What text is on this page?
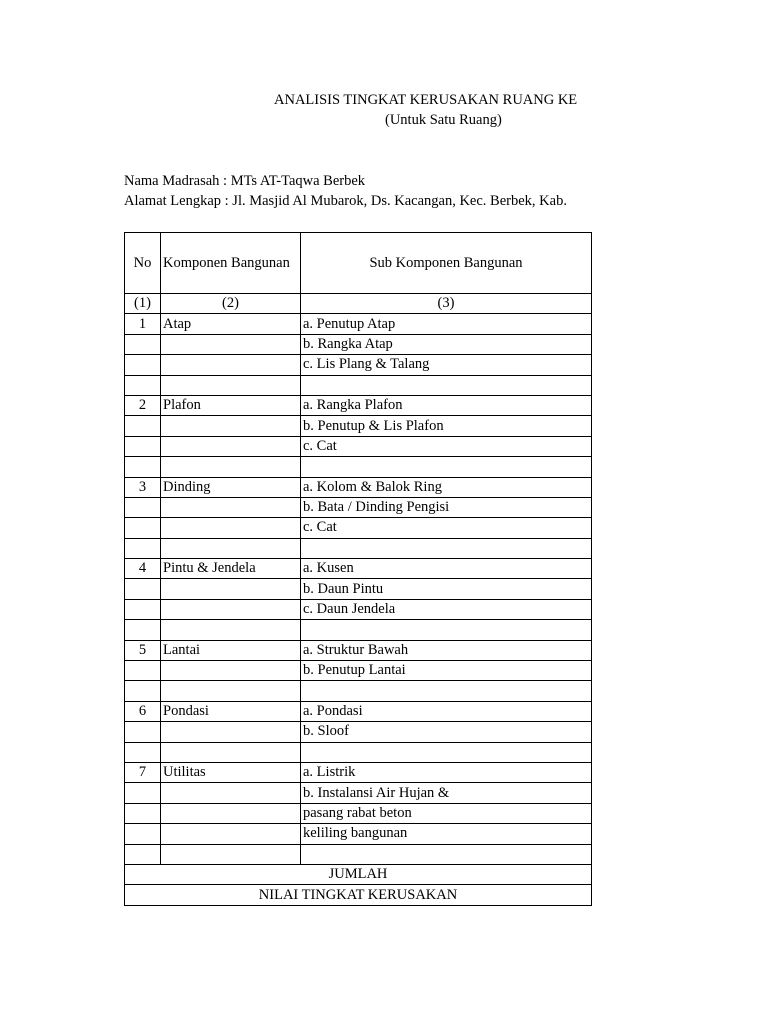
ANALISIS TINGKAT KERUSAKAN RUANG KE
(Untuk Satu Ruang)
Nama Madrasah : MTs AT-Taqwa Berbek
Alamat Lengkap : Jl. Masjid Al Mubarok, Ds. Kacangan, Kec. Berbek, Kab.
No	Komponen Bangunan	Sub Komponen Bangunan
(1)	(2)	(3)
1	Atap	a. Penutup Atap
		b. Rangka Atap
		c. Lis Plang & Talang

2	Plafon	a. Rangka Plafon
		b. Penutup & Lis Plafon
		c. Cat

3	Dinding	a. Kolom & Balok Ring
		b. Bata / Dinding Pengisi
		c. Cat

4	Pintu & Jendela	a. Kusen
		b. Daun Pintu
		c. Daun Jendela

5	Lantai	a. Struktur Bawah
		b. Penutup Lantai

6	Pondasi	a. Pondasi
		b. Sloof

7	Utilitas	a. Listrik
		b. Instalansi Air Hujan &
		pasang rabat beton
		keliling bangunan

JUMLAH		
NILAI TINGKAT KERUSAKAN		
